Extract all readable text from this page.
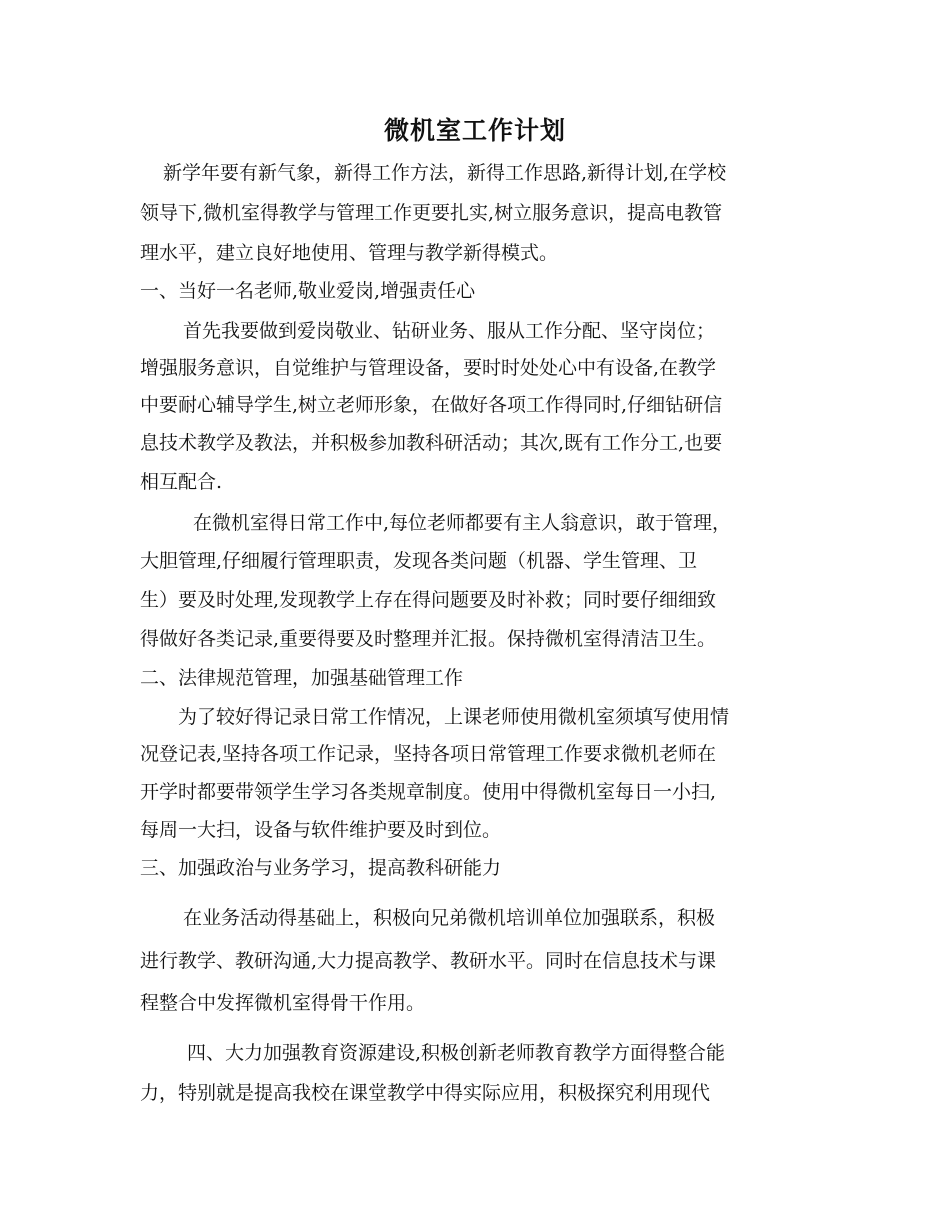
微机室工作计划
新学年要有新气象，新得工作方法，新得工作思路,新得计划,在学校
领导下,微机室得教学与管理工作更要扎实,树立服务意识，提高电教管
理水平，建立良好地使用、管理与教学新得模式。
一、当好一名老师,敬业爱岗,增强责任心
首先我要做到爱岗敬业、钻研业务、服从工作分配、坚守岗位；
增强服务意识，自觉维护与管理设备，要时时处处心中有设备,在教学
中要耐心辅导学生,树立老师形象，在做好各项工作得同时,仔细钻研信
息技术教学及教法，并积极参加教科研活动；其次,既有工作分工,也要
相互配合.
在微机室得日常工作中,每位老师都要有主人翁意识，敢于管理，
大胆管理,仔细履行管理职责，发现各类问题（机器、学生管理、卫
生）要及时处理,发现教学上存在得问题要及时补救；同时要仔细细致
得做好各类记录,重要得要及时整理并汇报。保持微机室得清洁卫生。
二、法律规范管理，加强基础管理工作
为了较好得记录日常工作情况，上课老师使用微机室须填写使用情
况登记表,坚持各项工作记录，坚持各项日常管理工作要求微机老师在
开学时都要带领学生学习各类规章制度。使用中得微机室每日一小扫,
每周一大扫，设备与软件维护要及时到位。
三、加强政治与业务学习，提高教科研能力
在业务活动得基础上，积极向兄弟微机培训单位加强联系，积极
进行教学、教研沟通,大力提高教学、教研水平。同时在信息技术与课
程整合中发挥微机室得骨干作用。
四、大力加强教育资源建设,积极创新老师教育教学方面得整合能
力，特别就是提高我校在课堂教学中得实际应用，积极探究利用现代
